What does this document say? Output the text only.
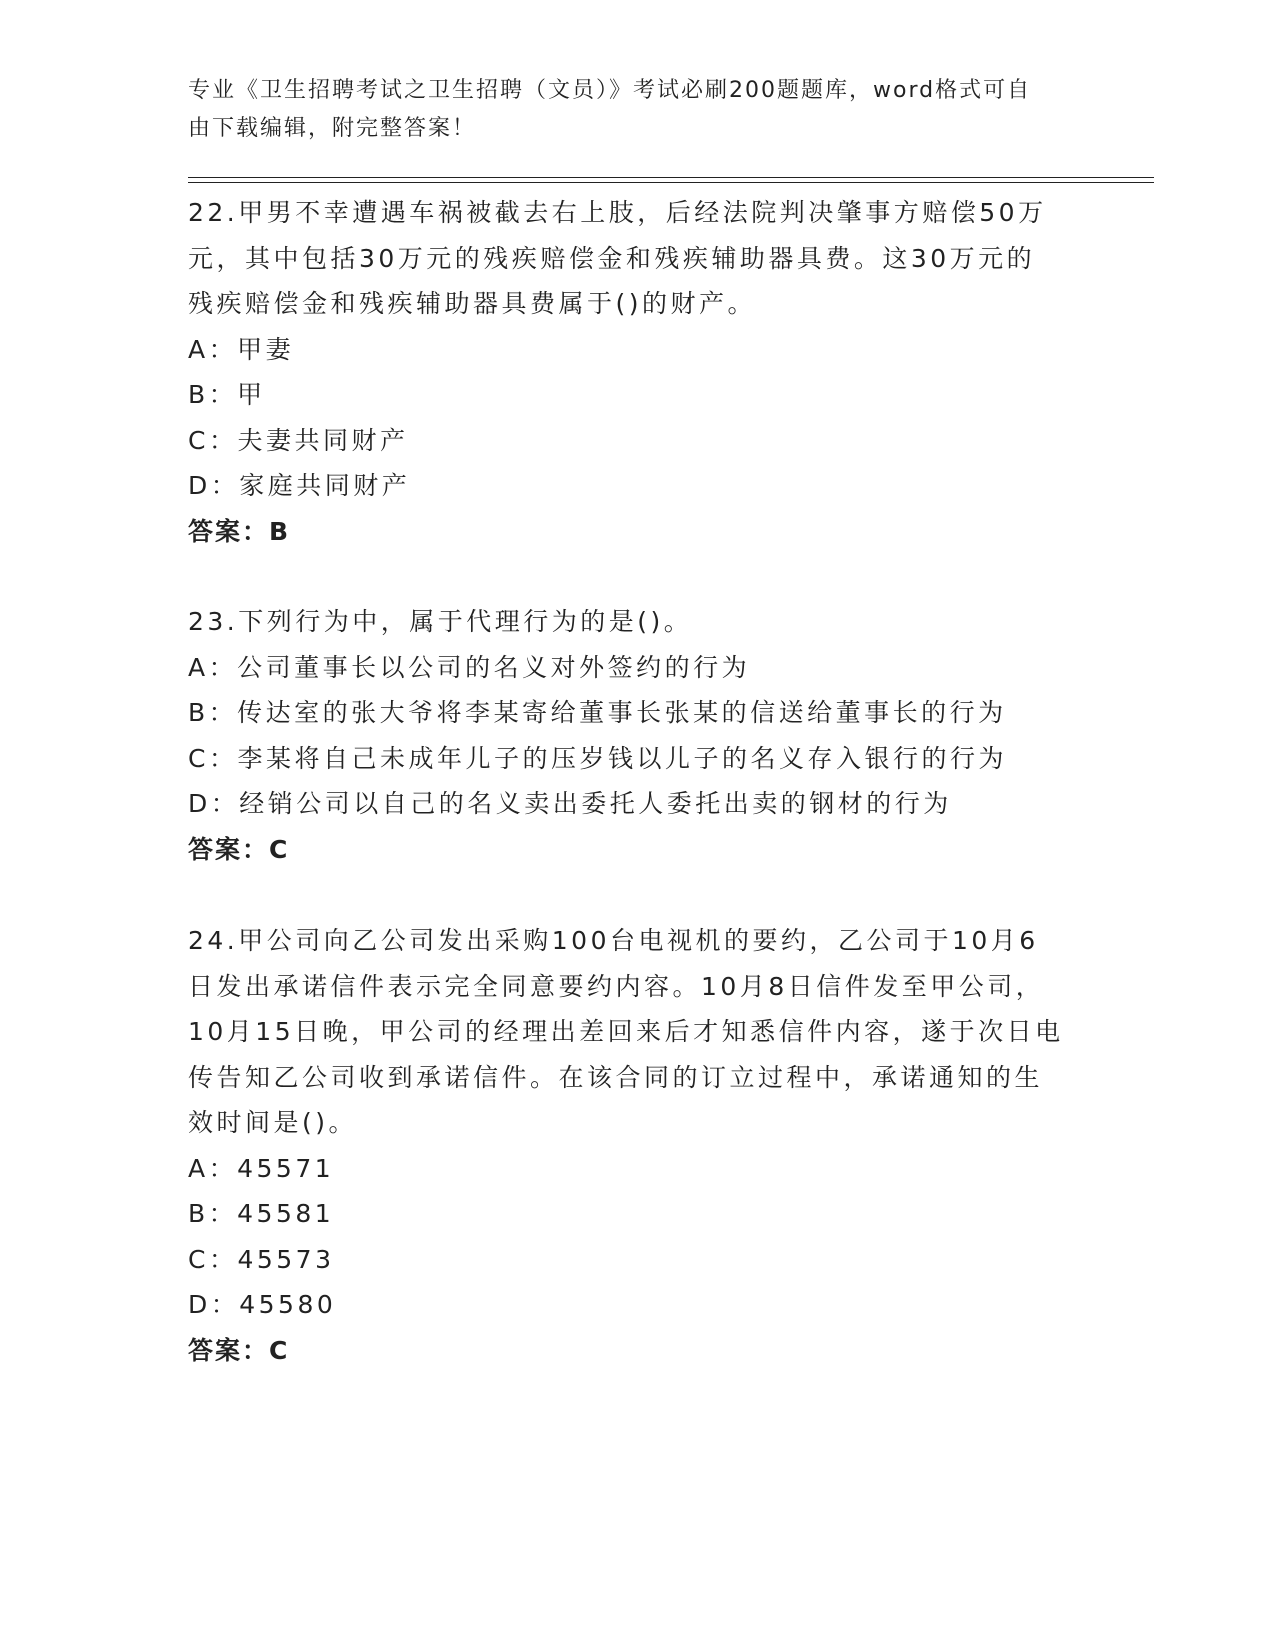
专业《卫生招聘考试之卫生招聘（文员）》考试必刷200题题库，word格式可自
由下载编辑，附完整答案！

22.甲男不幸遭遇车祸被截去右上肢，后经法院判决肇事方赔偿50万

元，其中包括30万元的残疾赔偿金和残疾辅助器具费。这30万元的

残疾赔偿金和残疾辅助器具费属于()的财产。

A：甲妻

B：甲

C：夫妻共同财产

D：家庭共同财产

答案：B

23.下列行为中，属于代理行为的是()。

A：公司董事长以公司的名义对外签约的行为

B：传达室的张大爷将李某寄给董事长张某的信送给董事长的行为

C：李某将自己未成年儿子的压岁钱以儿子的名义存入银行的行为

D：经销公司以自己的名义卖出委托人委托出卖的钢材的行为

答案：C

24.甲公司向乙公司发出采购100台电视机的要约，乙公司于10月6

日发出承诺信件表示完全同意要约内容。10月8日信件发至甲公司，

10月15日晚，甲公司的经理出差回来后才知悉信件内容，遂于次日电

传告知乙公司收到承诺信件。在该合同的订立过程中，承诺通知的生

效时间是()。

A：45571

B：45581

C：45573

D：45580

答案：C
